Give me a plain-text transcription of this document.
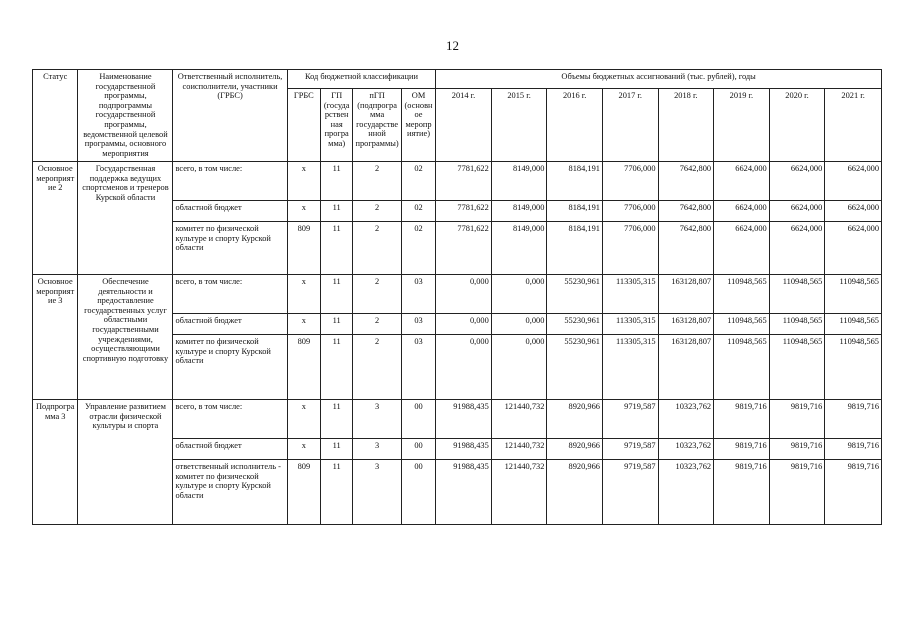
12
Статус	Наименование государственной программы, подпрограммы государственной программы, ведомственной целевой программы, основного мероприятия	Ответственный исполнитель, соисполнители, участники (ГРБС)	Код бюджетной классификации				Объемы бюджетных ассигнований (тыс. рублей), годы							
			ГРБС	ГП (государственная программа)	пГП (подпрограмма государственной программы)	ОМ (основное мероприятие)	2014 г.	2015 г.	2016 г.	2017 г.	2018 г.	2019 г.	2020 г.	2021 г.
Основное мероприятие 2	Государственная поддержка ведущих спортсменов и тренеров Курской области	всего, в том числе:	х	11	2	02	7781,622	8149,000	8184,191	7706,000	7642,800	6624,000	6624,000	6624,000
		областной бюджет	х	11	2	02	7781,622	8149,000	8184,191	7706,000	7642,800	6624,000	6624,000	6624,000
		комитет по физической культуре и спорту Курской области	809	11	2	02	7781,622	8149,000	8184,191	7706,000	7642,800	6624,000	6624,000	6624,000
Основное мероприятие 3	Обеспечение деятельности и предоставление государственных услуг областными государственными учреждениями, осуществляющими спортивную подготовку	всего, в том числе:	х	11	2	03	0,000	0,000	55230,961	113305,315	163128,807	110948,565	110948,565	110948,565
		областной бюджет	х	11	2	03	0,000	0,000	55230,961	113305,315	163128,807	110948,565	110948,565	110948,565
		комитет по физической культуре и спорту Курской области	809	11	2	03	0,000	0,000	55230,961	113305,315	163128,807	110948,565	110948,565	110948,565
Подпрограмма 3	Управление развитием отрасли физической культуры и спорта	всего, в том числе:	х	11	3	00	91988,435	121440,732	8920,966	9719,587	10323,762	9819,716	9819,716	9819,716
		областной бюджет	х	11	3	00	91988,435	121440,732	8920,966	9719,587	10323,762	9819,716	9819,716	9819,716
		ответственный исполнитель - комитет по физической культуре и спорту Курской области	809	11	3	00	91988,435	121440,732	8920,966	9719,587	10323,762	9819,716	9819,716	9819,716
